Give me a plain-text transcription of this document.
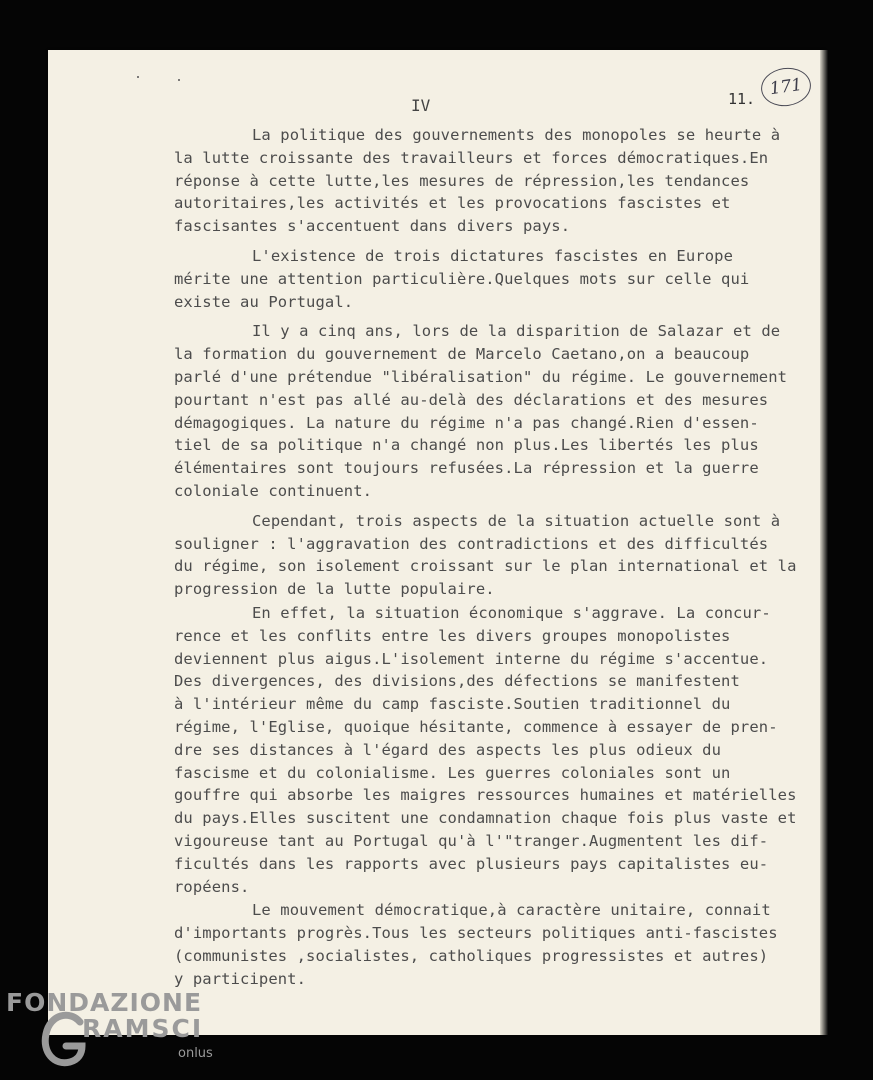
IV	11. 171
La politique des gouvernements des monopoles se heurte à
la lutte croissante des travailleurs et forces démocratiques.En
réponse à cette lutte,les mesures de répression,les tendances
autoritaires,les activités et les provocations fascistes et
fascisantes s'accentuent dans divers pays.
L'existence de trois dictatures fascistes en Europe
mérite une attention particulière.Quelques mots sur celle qui
existe au Portugal.
Il y a cinq ans, lors de la disparition de Salazar et de
la formation du gouvernement de Marcelo Caetano,on a beaucoup
parlé d'une prétendue "libéralisation" du régime. Le gouvernement
pourtant n'est pas allé au-delà des déclarations et des mesures
démagogiques. La nature du régime n'a pas changé.Rien d'essen-
tiel de sa politique n'a changé non plus.Les libertés les plus
élémentaires sont toujours refusées.La répression et la guerre
coloniale continuent.
Cependant, trois aspects de la situation actuelle sont à
souligner : l'aggravation des contradictions et des difficultés
du régime, son isolement croissant sur le plan international et la
progression de la lutte populaire.
En effet, la situation économique s'aggrave. La concur-
rence et les conflits entre les divers groupes monopolistes
deviennent plus aigus.L'isolement interne du régime s'accentue.
Des divergences, des divisions,des défections se manifestent
à l'intérieur même du camp fasciste.Soutien traditionnel du
régime, l'Eglise, quoique hésitante, commence à essayer de pren-
dre ses distances à l'égard des aspects les plus odieux du
fascisme et du colonialisme. Les guerres coloniales sont un
gouffre qui absorbe les maigres ressources humaines et matérielles
du pays.Elles suscitent une condamnation chaque fois plus vaste et
vigoureuse tant au Portugal qu'à l'"tranger.Augmentent les dif-
ficultés dans les rapports avec plusieurs pays capitalistes eu-
ropéens.
Le mouvement démocratique,à caractère unitaire, connait
d'importants progrès.Tous les secteurs politiques anti-fascistes
(communistes ,socialistes, catholiques progressistes et autres)
y participent.
FONDAZIONE
RAMSCI
onlus
